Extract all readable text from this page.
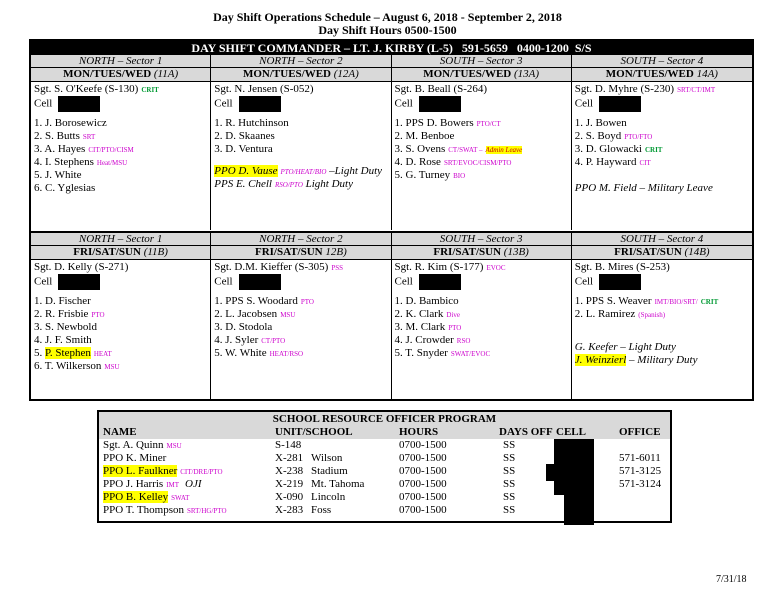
Day Shift Operations Schedule – August 6, 2018 - September 2, 2018
Day Shift Hours 0500-1500
DAY SHIFT COMMANDER – LT. J. KIRBY (L-5)   591-5659   0400-1200  S/S
NORTH – Sector 1
MON/TUES/WED (11A)
Sgt. S. O'Keefe (S-130) CRIT
Cell
1. J. Borosewicz
2. S. Butts SRT
3. A. Hayes CIT/PTO/CISM
4. I. Stephens Heat/MSU
5. J. White
6. C. Yglesias
NORTH – Sector 2
MON/TUES/WED (12A)
Sgt. N. Jensen (S-052)
Cell
1. R. Hutchinson
2. D. Skaanes
3. D. Ventura
PPO D. Vause PTO/HEAT/BIO –Light Duty
PPS E. Chell RSO/PTO Light Duty
SOUTH – Sector 3
MON/TUES/WED (13A)
Sgt. B. Beall (S-264)
Cell
1. PPS D. Bowers PTO/CT
2. M. Benboe
3. S. Ovens CT/SWAT – Admin Leave
4. D. Rose SRT/EVOC/CISM/PTO
5. G. Turney BIO
SOUTH – Sector 4
MON/TUES/WED 14A)
Sgt. D. Myhre (S-230) SRT/CT/IMT
Cell
1. J. Bowen
2. S. Boyd PTO/FTO
3. D. Glowacki CRIT
4. P. Hayward CIT
PPO M. Field – Military Leave
NORTH – Sector 1
FRI/SAT/SUN (11B)
Sgt. D. Kelly (S-271)
Cell
1. D. Fischer
2. R. Frisbie PTO
3. S. Newbold
4. J. F. Smith
5. P. Stephen HEAT
6. T. Wilkerson MSU
NORTH – Sector 2
FRI/SAT/SUN 12B)
Sgt. D.M. Kieffer (S-305) PSS
Cell
1. PPS S. Woodard PTO
2. L. Jacobsen MSU
3. D. Stodola
4. J. Syler CT/PTO
5. W. White HEAT/RSO
SOUTH – Sector 3
FRI/SAT/SUN (13B)
Sgt. R. Kim (S-177) EVOC
Cell
1. D. Bambico
2. K. Clark Dive
3. M. Clark PTO
4. J. Crowder RSO
5. T. Snyder SWAT/EVOC
SOUTH – Sector 4
FRI/SAT/SUN (14B)
Sgt. B. Mires (S-253)
Cell
1. PPS S. Weaver IMT/BIO/SRT/ CRIT
2. L. Ramirez (Spanish)
G. Keefer – Light Duty
J. Weinzierl – Military Duty
SCHOOL RESOURCE OFFICER PROGRAM
NAME	UNIT/SCHOOL	HOURS	DAYS OFF CELL	OFFICE
Sgt. A. Quinn MSU	S-148	0700-1500	SS
PPO K. Miner	X-281 Wilson	0700-1500	SS	571-6011
PPO L. Faulkner CIT/DRE/PTO	X-238 Stadium	0700-1500	SS	571-3125
PPO J. Harris IMT OJI	X-219 Mt. Tahoma	0700-1500	SS	571-3124
PPO B. Kelley SWAT	X-090 Lincoln	0700-1500	SS
PPO T. Thompson SRT/HG/PTO	X-283 Foss	0700-1500	SS
7/31/18
